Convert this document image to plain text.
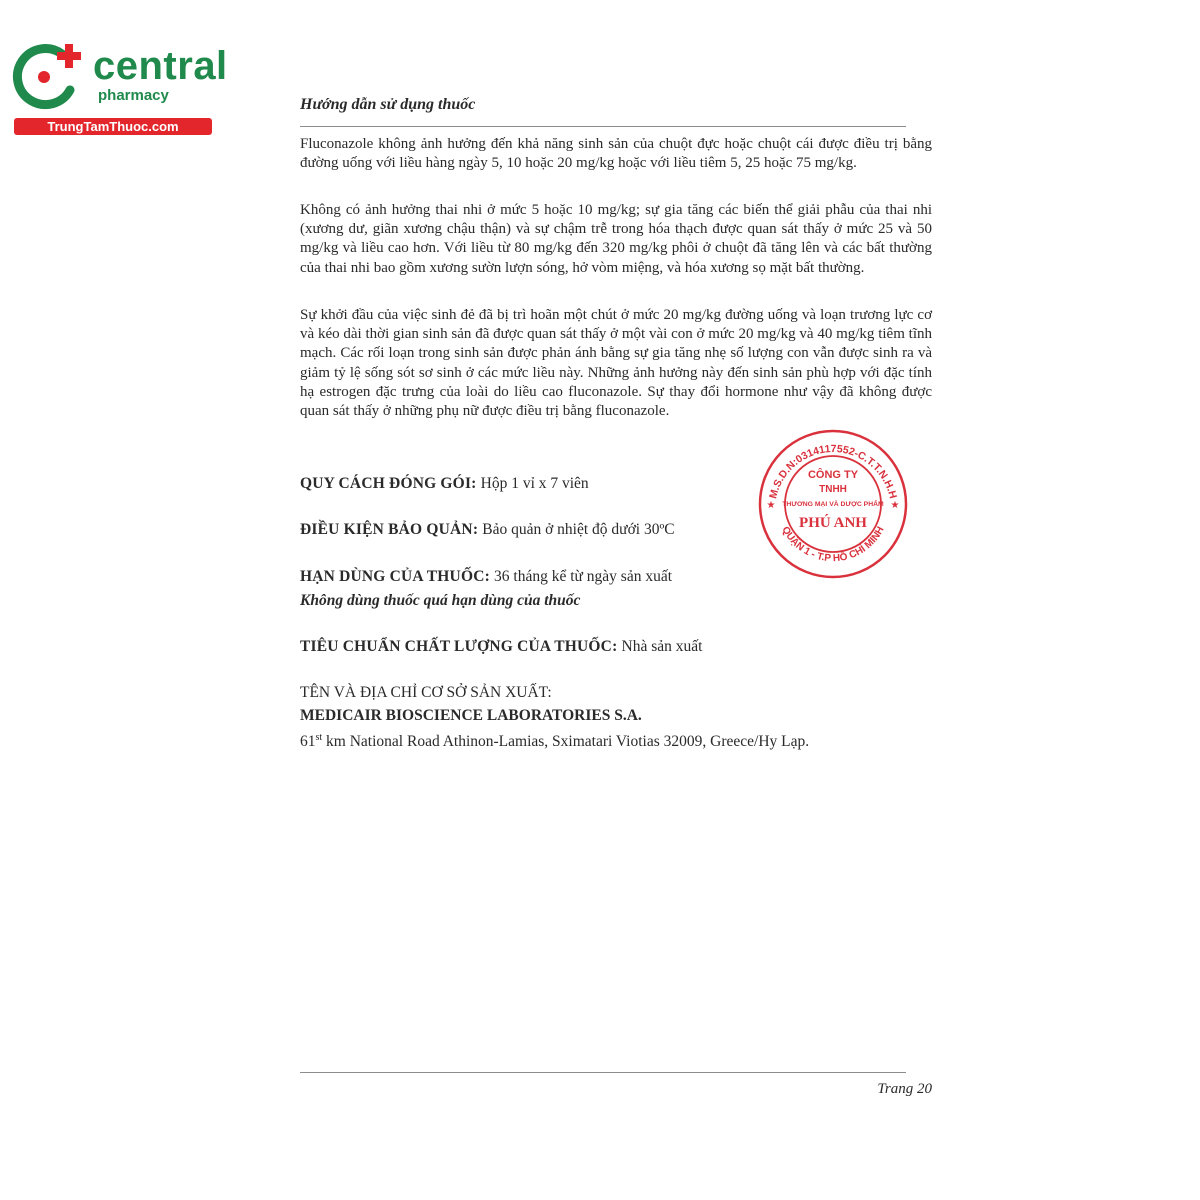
central
pharmacy
TrungTamThuoc.com
Hướng dẫn sử dụng thuốc

Fluconazole không ảnh hưởng đến khả năng sinh sản của chuột đực hoặc chuột cái được điều trị bằng đường uống với liều hàng ngày 5, 10 hoặc 20 mg/kg hoặc với liều tiêm 5, 25 hoặc 75 mg/kg.

Không có ảnh hưởng thai nhi ở mức 5 hoặc 10 mg/kg; sự gia tăng các biến thể giải phẫu của thai nhi (xương dư, giãn xương chậu thận) và sự chậm trễ trong hóa thạch được quan sát thấy ở mức 25 và 50 mg/kg và liều cao hơn. Với liều từ 80 mg/kg đến 320 mg/kg phôi ở chuột đã tăng lên và các bất thường của thai nhi bao gồm xương sườn lượn sóng, hở vòm miệng, và hóa xương sọ mặt bất thường.

Sự khởi đầu của việc sinh đẻ đã bị trì hoãn một chút ở mức 20 mg/kg đường uống và loạn trương lực cơ và kéo dài thời gian sinh sản đã được quan sát thấy ở một vài con ở mức 20 mg/kg và 40 mg/kg tiêm tĩnh mạch. Các rối loạn trong sinh sản được phản ánh bằng sự gia tăng nhẹ số lượng con vẫn được sinh ra và giảm tỷ lệ sống sót sơ sinh ở các mức liều này. Những ảnh hưởng này đến sinh sản phù hợp với đặc tính hạ estrogen đặc trưng của loài do liều cao fluconazole. Sự thay đổi hormone như vậy đã không được quan sát thấy ở những phụ nữ được điều trị bằng fluconazole.

QUY CÁCH ĐÓNG GÓI: Hộp 1 vỉ x 7 viên
ĐIỀU KIỆN BẢO QUẢN: Bảo quản ở nhiệt độ dưới 30ºC
HẠN DÙNG CỦA THUỐC: 36 tháng kể từ ngày sản xuất
Không dùng thuốc quá hạn dùng của thuốc
TIÊU CHUẨN CHẤT LƯỢNG CỦA THUỐC: Nhà sản xuất
TÊN VÀ ĐỊA CHỈ CƠ SỞ SẢN XUẤT:
MEDICAIR BIOSCIENCE LABORATORIES S.A.
61st km National Road Athinon-Lamias, Sximatari Viotias 32009, Greece/Hy Lạp.
Trang 20
M.S.D.N:0314117552-C.T.T.N.H.H
QUẬN 1 - T.P HỒ CHÍ MINH
★	★
CÔNG TY
TNHH
THƯƠNG MẠI VÀ DƯỢC PHẨM
PHÚ ANH
